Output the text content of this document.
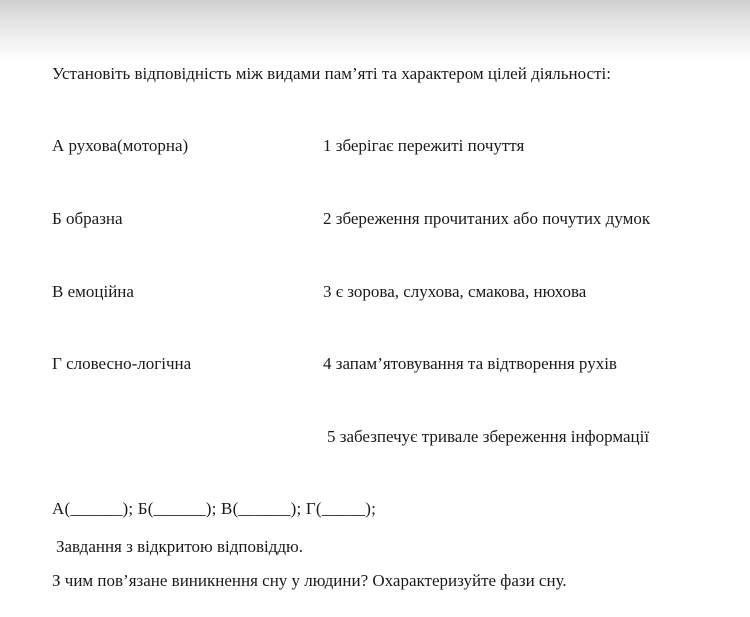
Установіть відповідність між видами пам’яті та характером цілей діяльності:
А рухова(моторна)	1 зберігає пережиті почуття
Б образна	2 збереження прочитаних або почутих думок
В емоційна	3 є зорова, слухова, смакова, нюхова
Г словесно-логічна	4 запам’ятовування та відтворення рухів
5 забезпечує тривале збереження інформації
А(______); Б(______); В(______); Г(_____);
Завдання з відкритою відповіддю.
З чим пов’язане виникнення сну у людини? Охарактеризуйте фази сну.
